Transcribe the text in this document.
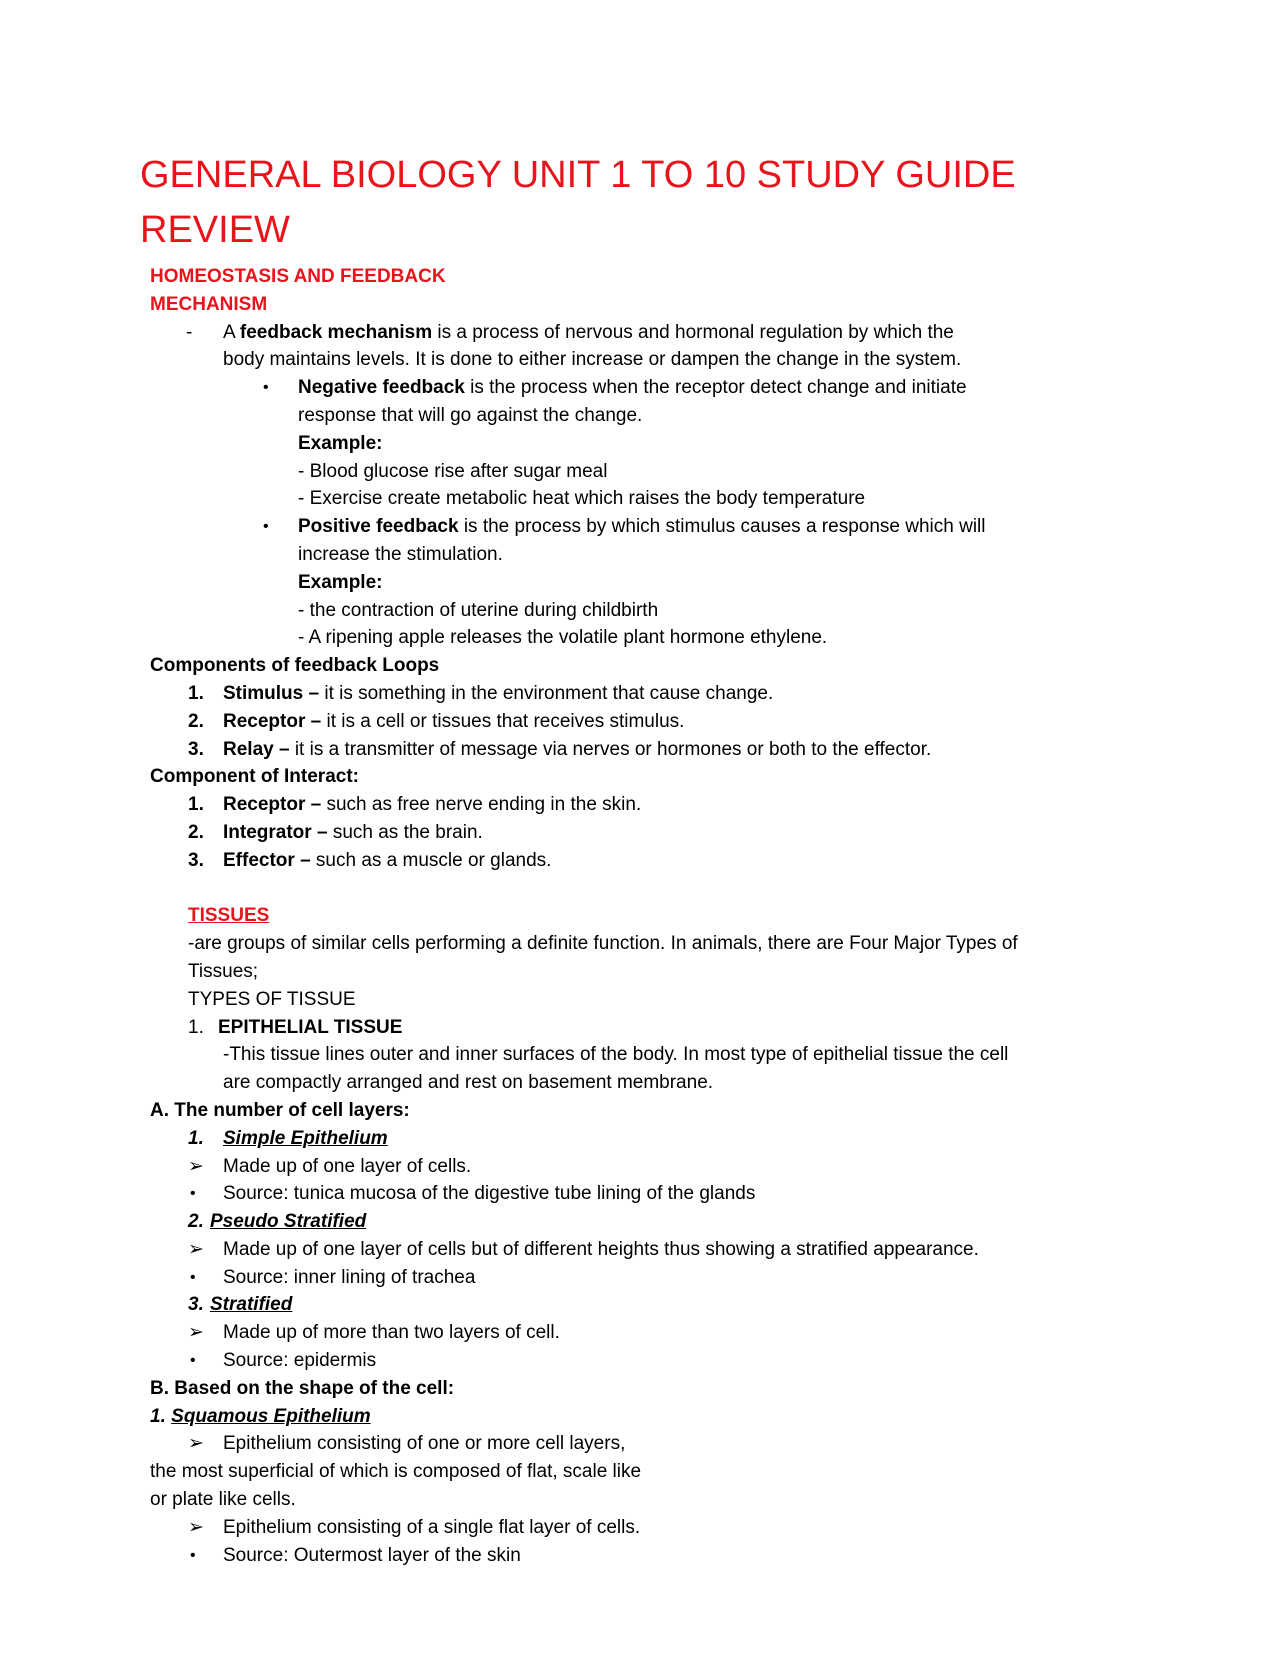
GENERAL BIOLOGY UNIT 1 TO 10 STUDY GUIDE REVIEW
HOMEOSTASIS AND FEEDBACK
MECHANISM
- A feedback mechanism is a process of nervous and hormonal regulation by which the
body maintains levels. It is done to either increase or dampen the change in the system.
• Negative feedback is the process when the receptor detect change and initiate
response that will go against the change.
Example:
- Blood glucose rise after sugar meal
- Exercise create metabolic heat which raises the body temperature
• Positive feedback is the process by which stimulus causes a response which will
increase the stimulation.
Example:
- the contraction of uterine during childbirth
- A ripening apple releases the volatile plant hormone ethylene.
Components of feedback Loops
1. Stimulus – it is something in the environment that cause change.
2. Receptor – it is a cell or tissues that receives stimulus.
3. Relay – it is a transmitter of message via nerves or hormones or both to the effector.
Component of Interact:
1. Receptor – such as free nerve ending in the skin.
2. Integrator – such as the brain.
3. Effector – such as a muscle or glands.
TISSUES
-are groups of similar cells performing a definite function. In animals, there are Four Major Types of
Tissues;
TYPES OF TISSUE
1. EPITHELIAL TISSUE
-This tissue lines outer and inner surfaces of the body. In most type of epithelial tissue the cell
are compactly arranged and rest on basement membrane.
A. The number of cell layers:
1. Simple Epithelium
➢ Made up of one layer of cells.
• Source: tunica mucosa of the digestive tube lining of the glands
2. Pseudo Stratified
➢ Made up of one layer of cells but of different heights thus showing a stratified appearance.
• Source: inner lining of trachea
3. Stratified
➢ Made up of more than two layers of cell.
• Source: epidermis
B. Based on the shape of the cell:
1. Squamous Epithelium
➢ Epithelium consisting of one or more cell layers,
the most superficial of which is composed of flat, scale like
or plate like cells.
➢ Epithelium consisting of a single flat layer of cells.
• Source: Outermost layer of the skin
